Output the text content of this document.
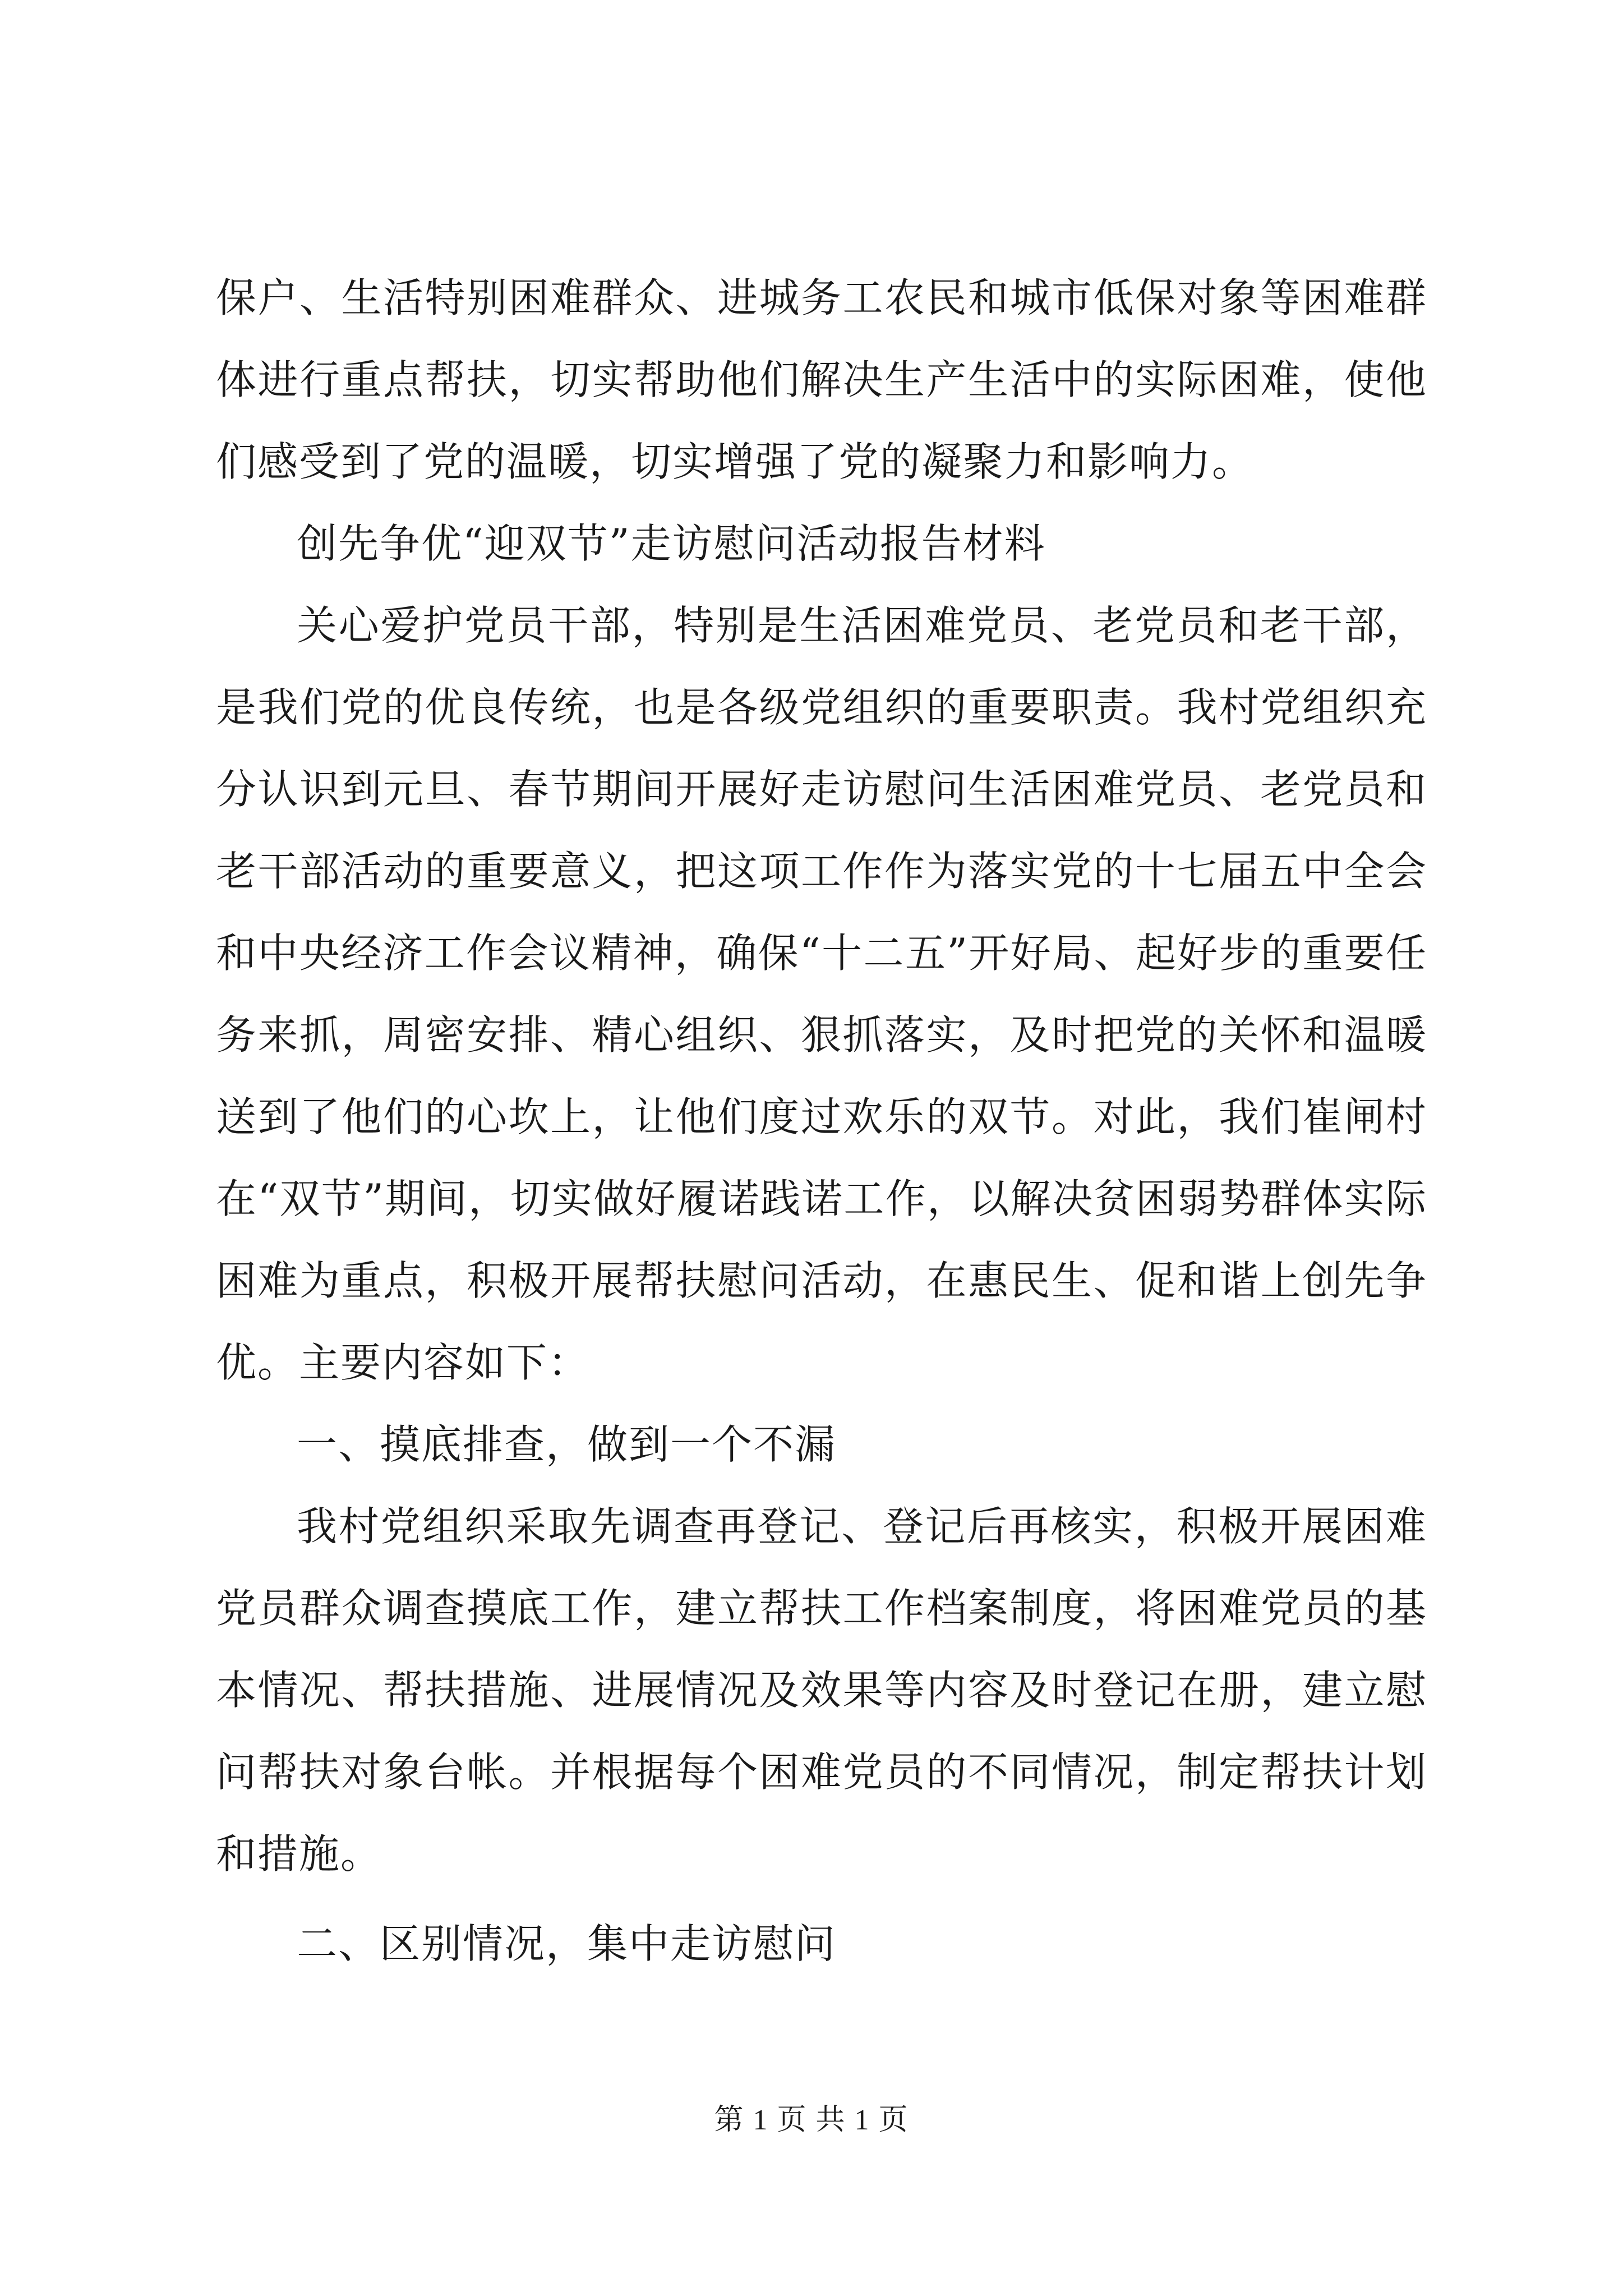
保户、生活特别困难群众、进城务工农民和城市低保对象等困难群体进行重点帮扶，切实帮助他们解决生产生活中的实际困难，使他们感受到了党的温暖，切实增强了党的凝聚力和影响力。

创先争优“迎双节”走访慰问活动报告材料

关心爱护党员干部，特别是生活困难党员、老党员和老干部，是我们党的优良传统，也是各级党组织的重要职责。我村党组织充分认识到元旦、春节期间开展好走访慰问生活困难党员、老党员和老干部活动的重要意义，把这项工作作为落实党的十七届五中全会和中央经济工作会议精神，确保“十二五”开好局、起好步的重要任务来抓，周密安排、精心组织、狠抓落实，及时把党的关怀和温暖送到了他们的心坎上，让他们度过欢乐的双节。对此，我们崔闸村在“双节”期间，切实做好履诺践诺工作，以解决贫困弱势群体实际困难为重点，积极开展帮扶慰问活动，在惠民生、促和谐上创先争优。主要内容如下：

一、摸底排查，做到一个不漏

我村党组织采取先调查再登记、登记后再核实，积极开展困难党员群众调查摸底工作，建立帮扶工作档案制度，将困难党员的基本情况、帮扶措施、进展情况及效果等内容及时登记在册，建立慰问帮扶对象台帐。并根据每个困难党员的不同情况，制定帮扶计划和措施。

二、区别情况，集中走访慰问

第 1 页 共 1 页
